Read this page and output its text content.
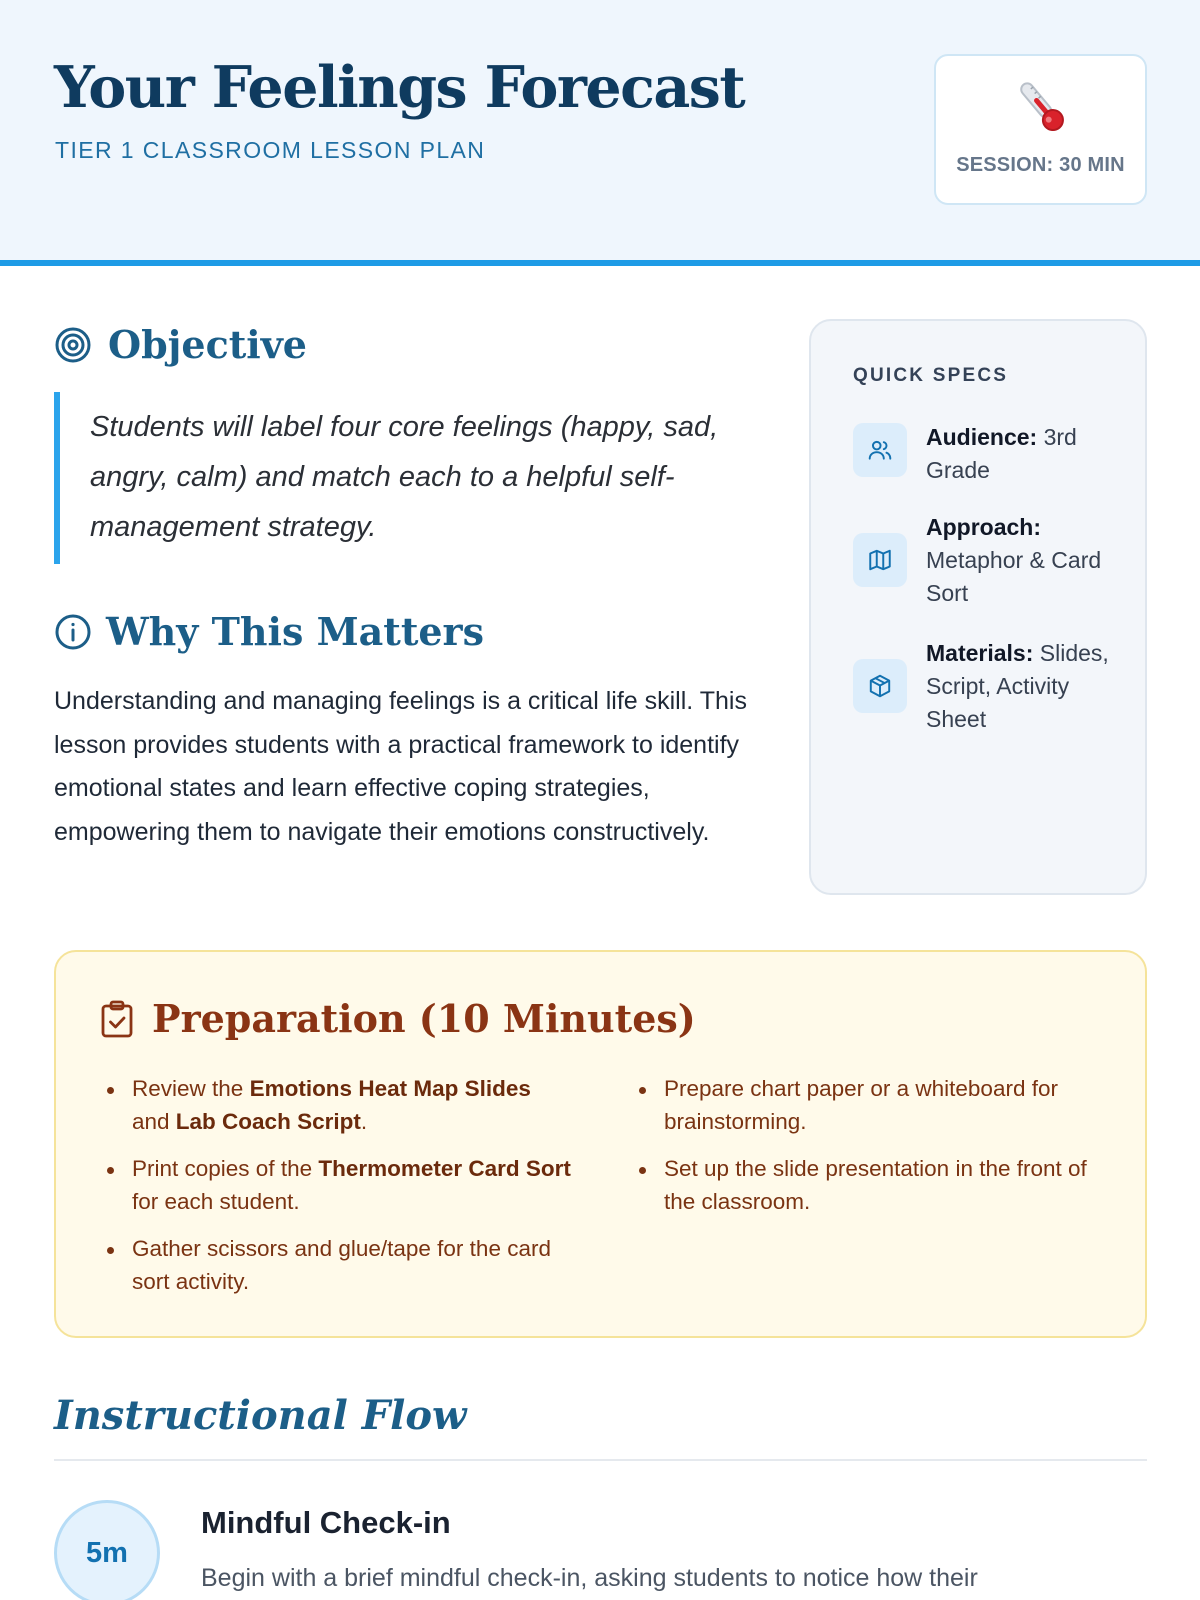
Your Feelings Forecast
TIER 1 CLASSROOM LESSON PLAN
SESSION: 30 MIN
Objective
Students will label four core feelings (happy, sad, angry, calm) and match each to a helpful self-management strategy.
Why This Matters

Understanding and managing feelings is a critical life skill. This lesson provides students with a practical framework to identify emotional states and learn effective coping strategies, empowering them to navigate their emotions constructively.

QUICK SPECS
Audience: 3rd Grade
Approach: Metaphor & Card Sort
Materials: Slides, Script, Activity Sheet
Preparation (10 Minutes)
Review the Emotions Heat Map Slides and Lab Coach Script.
Print copies of the Thermometer Card Sort for each student.
Gather scissors and glue/tape for the card sort activity.
Prepare chart paper or a whiteboard for brainstorming.
Set up the slide presentation in the front of the classroom.
Instructional Flow
5m
Mindful Check-in

Begin with a brief mindful check-in, asking students to notice how their
